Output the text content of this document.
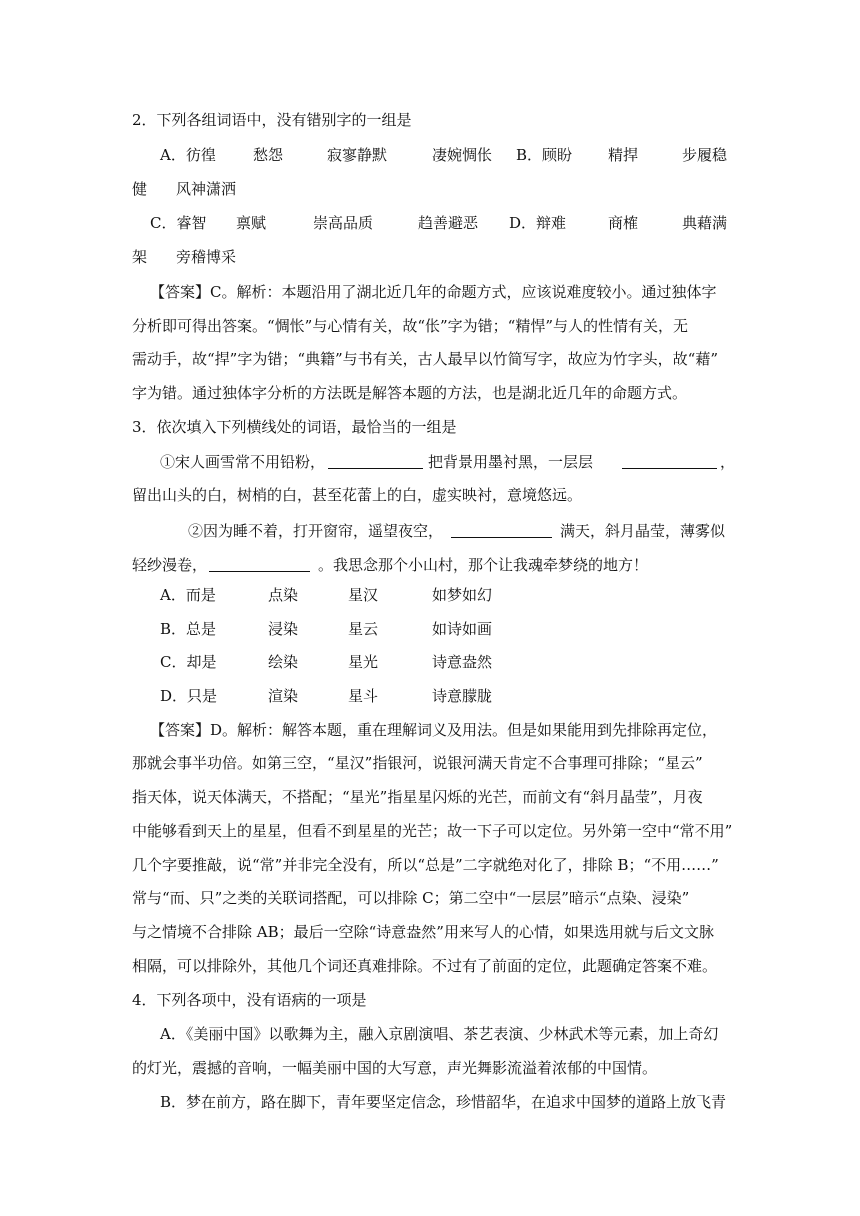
2．下列各组词语中，没有错别字的一组是
A．彷徨 愁怨	寂寥静默	凄婉惆伥 B．顾盼 精捍	步履稳
健 风神潇洒
C．睿智 禀赋	崇高品质	趋善避恶 D．辩难	商榷	典藉满
架 旁稽博采
【答案】C。解析：本题沿用了湖北近几年的命题方式，应该说难度较小。通过独体字
分析即可得出答案。“惆怅”与心情有关，故“伥”字为错；“精悍”与人的性情有关，无
需动手，故“捍”字为错；“典籍”与书有关，古人最早以竹简写字，故应为竹字头，故“藉”
字为错。通过独体字分析的方法既是解答本题的方法，也是湖北近几年的命题方式。
3．依次填入下列横线处的词语，最恰当的一组是
①宋人画雪常不用铅粉，	把背景用墨衬黑，一层层	，
留出山头的白，树梢的白，甚至花蕾上的白，虚实映衬，意境悠远。
②因为睡不着，打开窗帘，遥望夜空，	满天，斜月晶莹，薄雾似
轻纱漫卷，	。我思念那个小山村，那个让我魂牵梦绕的地方！
A．而是	点染	星汉	如梦如幻
B．总是	浸染	星云	如诗如画
C．却是	绘染	星光	诗意盎然
D．只是	渲染	星斗	诗意朦胧
【答案】D。解析：解答本题，重在理解词义及用法。但是如果能用到先排除再定位，
那就会事半功倍。如第三空，“星汉”指银河，说银河满天肯定不合事理可排除；“星云”
指天体，说天体满天，不搭配；“星光”指星星闪烁的光芒，而前文有“斜月晶莹”，月夜
中能够看到天上的星星，但看不到星星的光芒；故一下子可以定位。另外第一空中“常不用”
几个字要推敲，说“常”并非完全没有，所以“总是”二字就绝对化了，排除 B；“不用……”
常与“而、只”之类的关联词搭配，可以排除 C；第二空中“一层层”暗示“点染、浸染”
与之情境不合排除 AB；最后一空除“诗意盎然”用来写人的心情，如果选用就与后文文脉
相隔，可以排除外，其他几个词还真难排除。不过有了前面的定位，此题确定答案不难。
4．下列各项中，没有语病的一项是
A．《美丽中国》以歌舞为主，融入京剧演唱、茶艺表演、少林武术等元素，加上奇幻
的灯光，震撼的音响，一幅美丽中国的大写意，声光舞影流溢着浓郁的中国情。
B．梦在前方，路在脚下，青年要坚定信念，珍惜韶华，在追求中国梦的道路上放飞青
